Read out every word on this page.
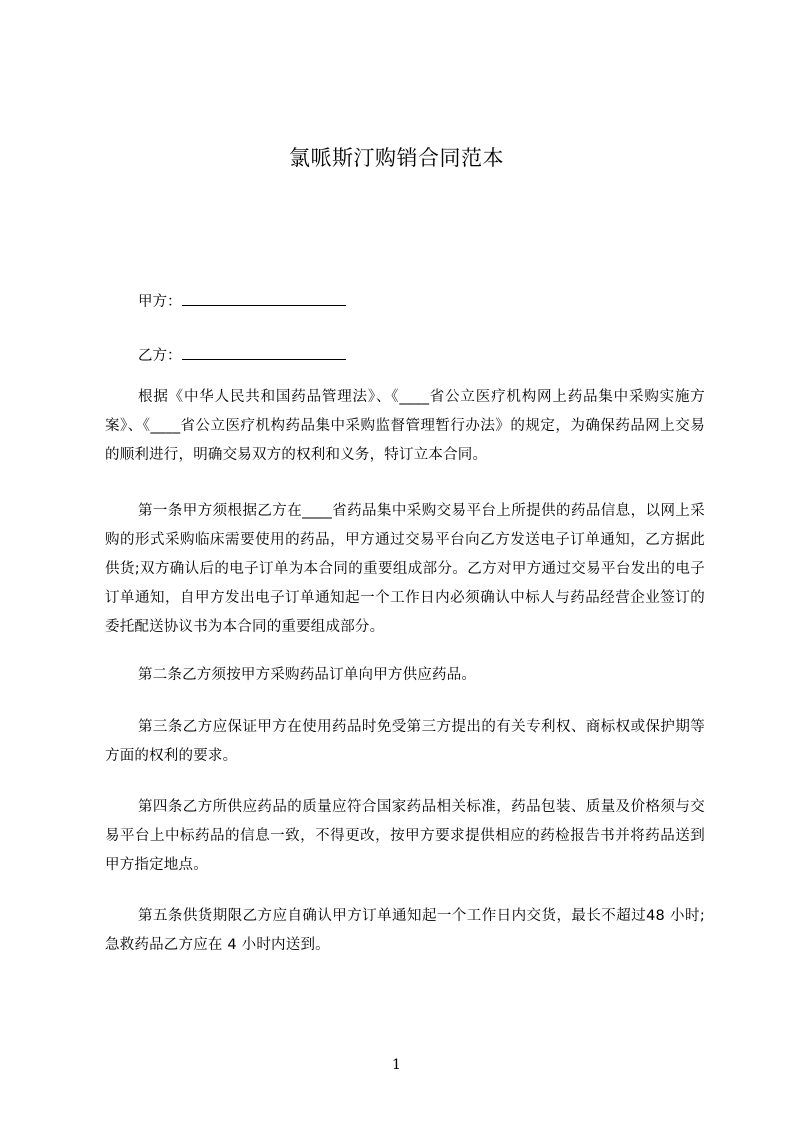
氯哌斯汀购销合同范本
甲方：
乙方：

根据《中华人民共和国药品管理法》、《____省公立医疗机构网上药品集中采购实施方案》、《____省公立医疗机构药品集中采购监督管理暂行办法》的规定，为确保药品网上交易的顺利进行，明确交易双方的权利和义务，特订立本合同。

第一条甲方须根据乙方在____省药品集中采购交易平台上所提供的药品信息，以网上采购的形式采购临床需要使用的药品，甲方通过交易平台向乙方发送电子订单通知，乙方据此供货;双方确认后的电子订单为本合同的重要组成部分。乙方对甲方通过交易平台发出的电子订单通知，自甲方发出电子订单通知起一个工作日内必须确认中标人与药品经营企业签订的委托配送协议书为本合同的重要组成部分。

第二条乙方须按甲方采购药品订单向甲方供应药品。

第三条乙方应保证甲方在使用药品时免受第三方提出的有关专利权、商标权或保护期等方面的权利的要求。

第四条乙方所供应药品的质量应符合国家药品相关标准，药品包装、质量及价格须与交易平台上中标药品的信息一致，不得更改，按甲方要求提供相应的药检报告书并将药品送到甲方指定地点。

第五条供货期限乙方应自确认甲方订单通知起一个工作日内交货，最长不超过48 小时;急救药品乙方应在 4 小时内送到。

1
